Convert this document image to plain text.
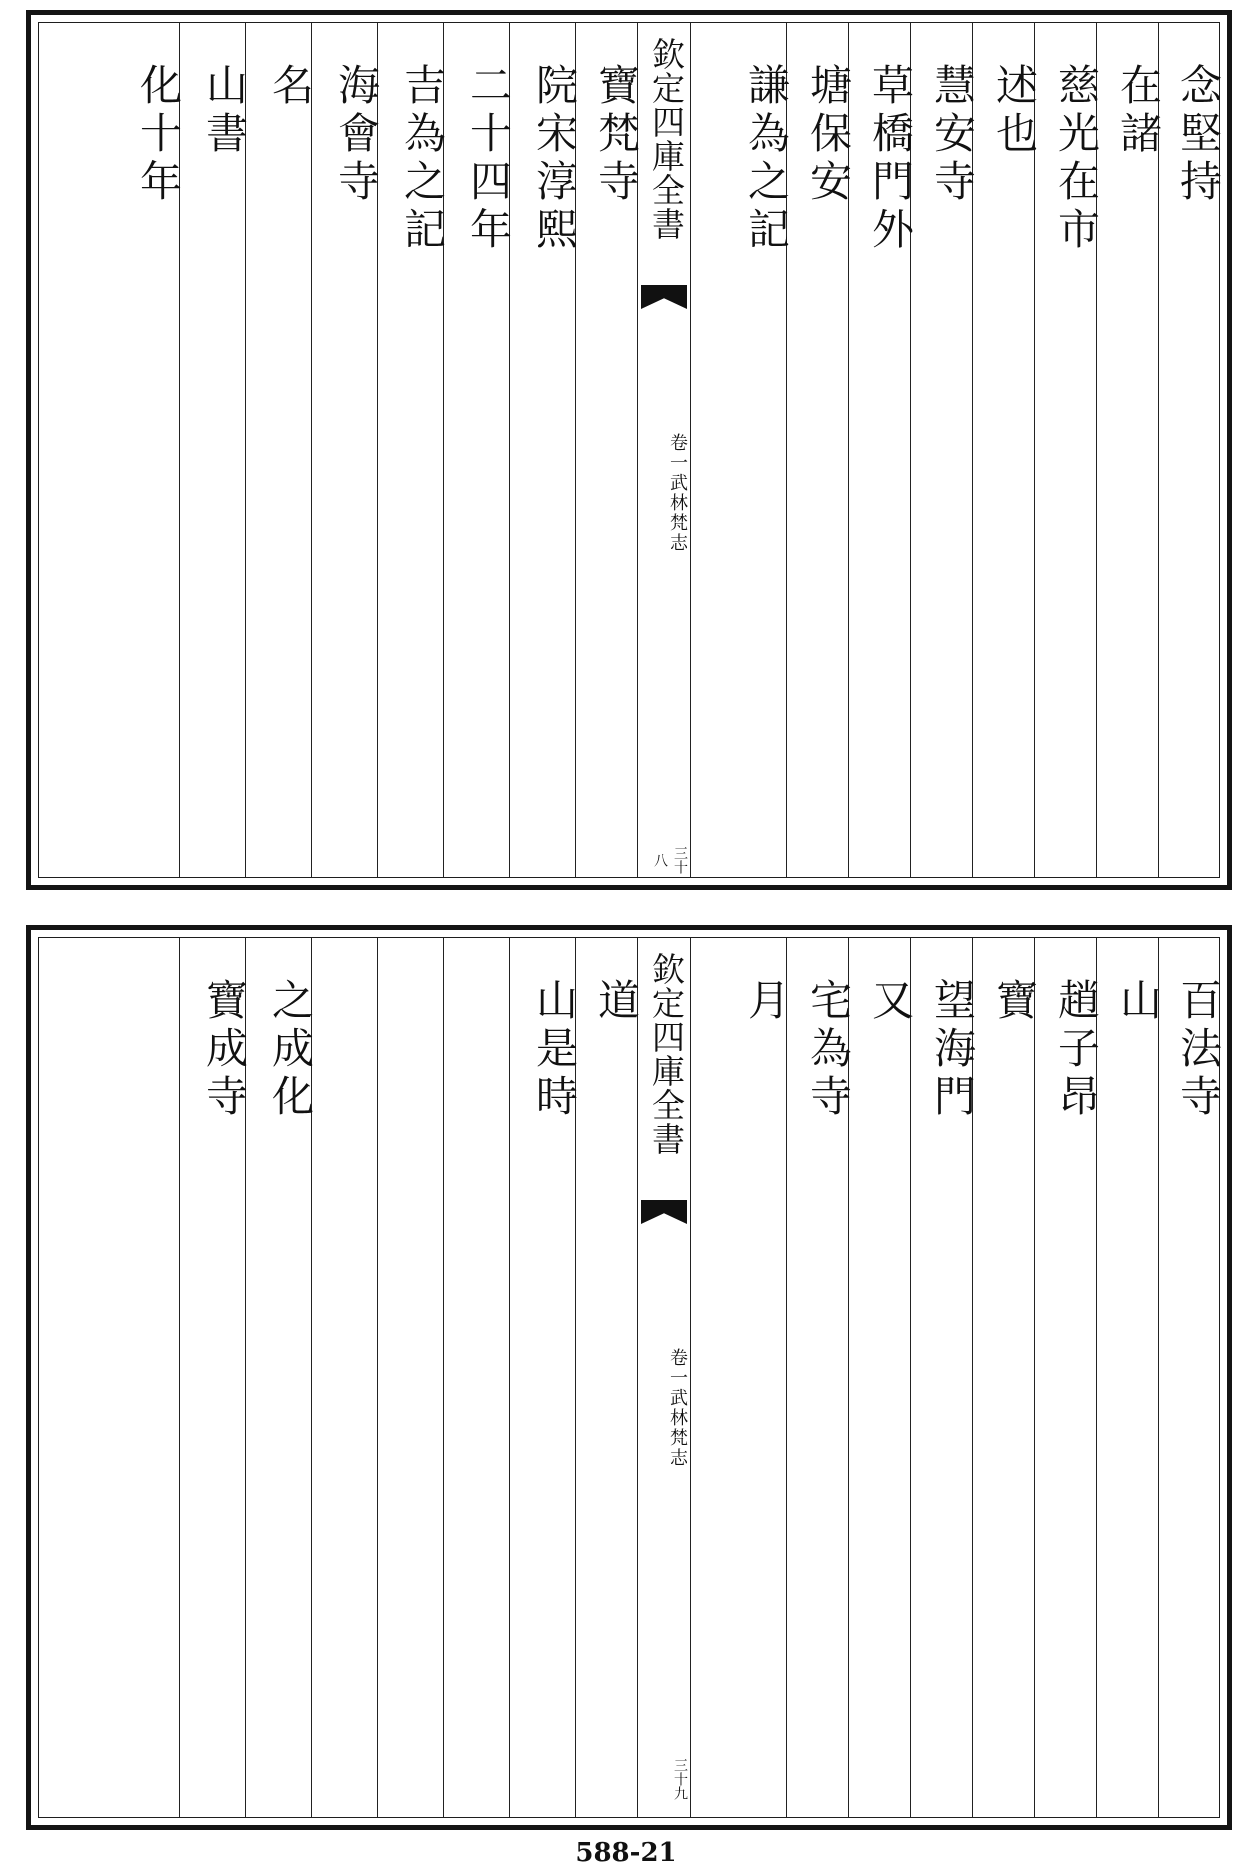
念堅持
在諸
慈光在市
述也
慧安寺
草橋門外
塘保安
謙為之記
欽定四庫全書
卷一武林梵志
三十八
寶梵寺
院宋淳熙
二十四年
吉為之記
海會寺
名
山書
化十年
百法寺
山
趙子昂
寶
望海門
又
宅為寺
月
欽定四庫全書
卷一武林梵志
三十九
道
山是時
之成化
寶成寺
588-21
